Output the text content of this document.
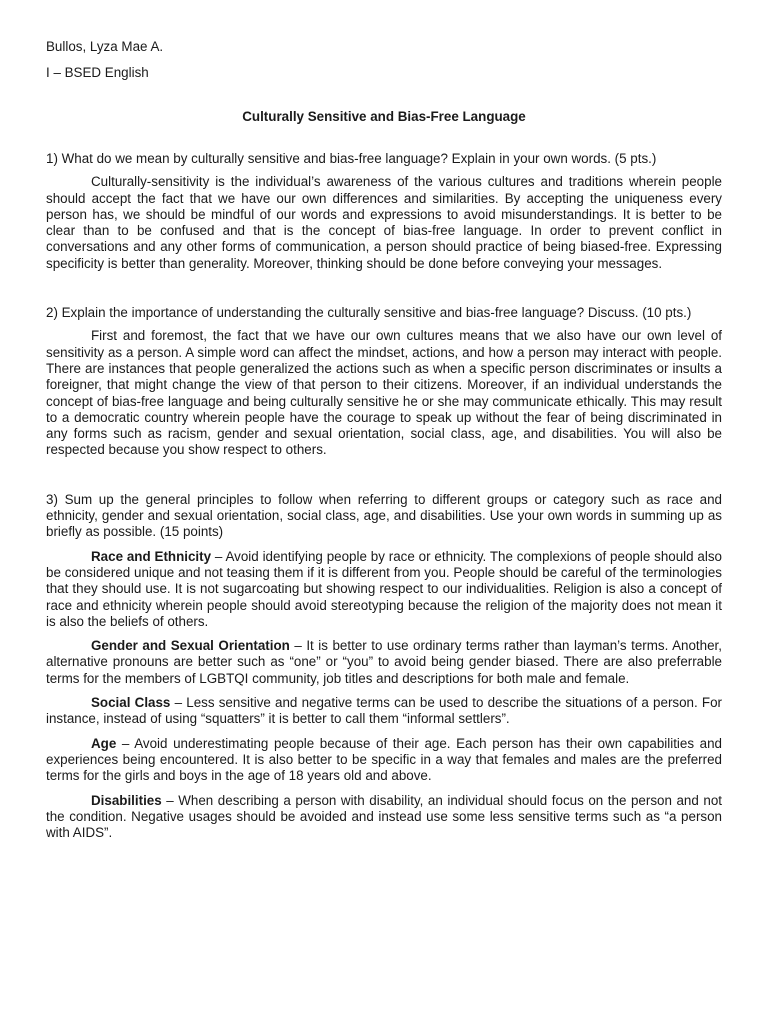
Bullos, Lyza Mae A.

I – BSED English

Culturally Sensitive and Bias-Free Language

1) What do we mean by culturally sensitive and bias-free language? Explain in your own words. (5 pts.)

Culturally-sensitivity is the individual’s awareness of the various cultures and traditions wherein people should accept the fact that we have our own differences and similarities. By accepting the uniqueness every person has, we should be mindful of our words and expressions to avoid misunderstandings. It is better to be clear than to be confused and that is the concept of bias-free language. In order to prevent conflict in conversations and any other forms of communication, a person should practice of being biased-free. Expressing specificity is better than generality. Moreover, thinking should be done before conveying your messages.

2) Explain the importance of understanding the culturally sensitive and bias-free language? Discuss. (10 pts.)

First and foremost, the fact that we have our own cultures means that we also have our own level of sensitivity as a person. A simple word can affect the mindset, actions, and how a person may interact with people. There are instances that people generalized the actions such as when a specific person discriminates or insults a foreigner, that might change the view of that person to their citizens. Moreover, if an individual understands the concept of bias-free language and being culturally sensitive he or she may communicate ethically. This may result to a democratic country wherein people have the courage to speak up without the fear of being discriminated in any forms such as racism, gender and sexual orientation, social class, age, and disabilities. You will also be respected because you show respect to others.

3) Sum up the general principles to follow when referring to different groups or category such as race and ethnicity, gender and sexual orientation, social class, age, and disabilities. Use your own words in summing up as briefly as possible. (15 points)

Race and Ethnicity – Avoid identifying people by race or ethnicity. The complexions of people should also be considered unique and not teasing them if it is different from you. People should be careful of the terminologies that they should use. It is not sugarcoating but showing respect to our individualities. Religion is also a concept of race and ethnicity wherein people should avoid stereotyping because the religion of the majority does not mean it is also the beliefs of others.

Gender and Sexual Orientation – It is better to use ordinary terms rather than layman’s terms. Another, alternative pronouns are better such as “one” or “you” to avoid being gender biased. There are also preferrable terms for the members of LGBTQI community, job titles and descriptions for both male and female.

Social Class – Less sensitive and negative terms can be used to describe the situations of a person. For instance, instead of using “squatters” it is better to call them “informal settlers”.

Age – Avoid underestimating people because of their age. Each person has their own capabilities and experiences being encountered. It is also better to be specific in a way that females and males are the preferred terms for the girls and boys in the age of 18 years old and above.

Disabilities – When describing a person with disability, an individual should focus on the person and not the condition. Negative usages should be avoided and instead use some less sensitive terms such as “a person with AIDS”.
